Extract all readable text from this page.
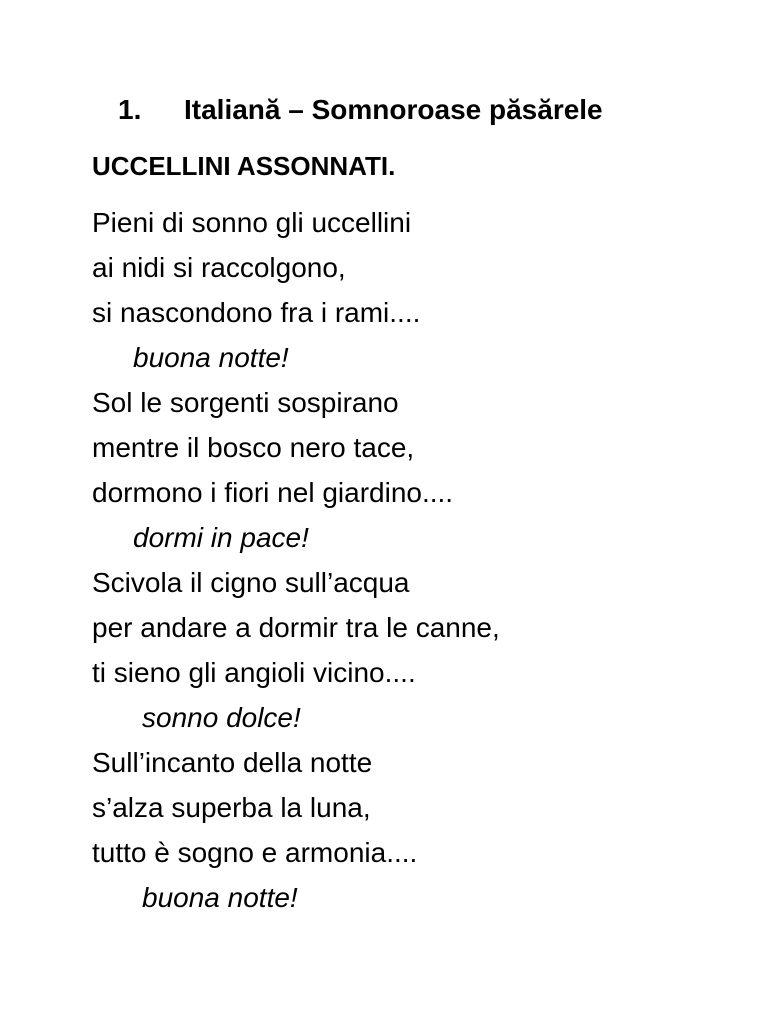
1. Italiană – Somnoroase păsărele
UCCELLINI ASSONNATI.
Pieni di sonno gli uccellini
ai nidi si raccolgono,
si nascondono fra i rami....
buona notte!
Sol le sorgenti sospirano
mentre il bosco nero tace,
dormono i fiori nel giardino....
dormi in pace!
Scivola il cigno sull’acqua
per andare a dormir tra le canne,
ti sieno gli angioli vicino....
sonno dolce!
Sull’incanto della notte
s’alza superba la luna,
tutto è sogno e armonia....
buona notte!
